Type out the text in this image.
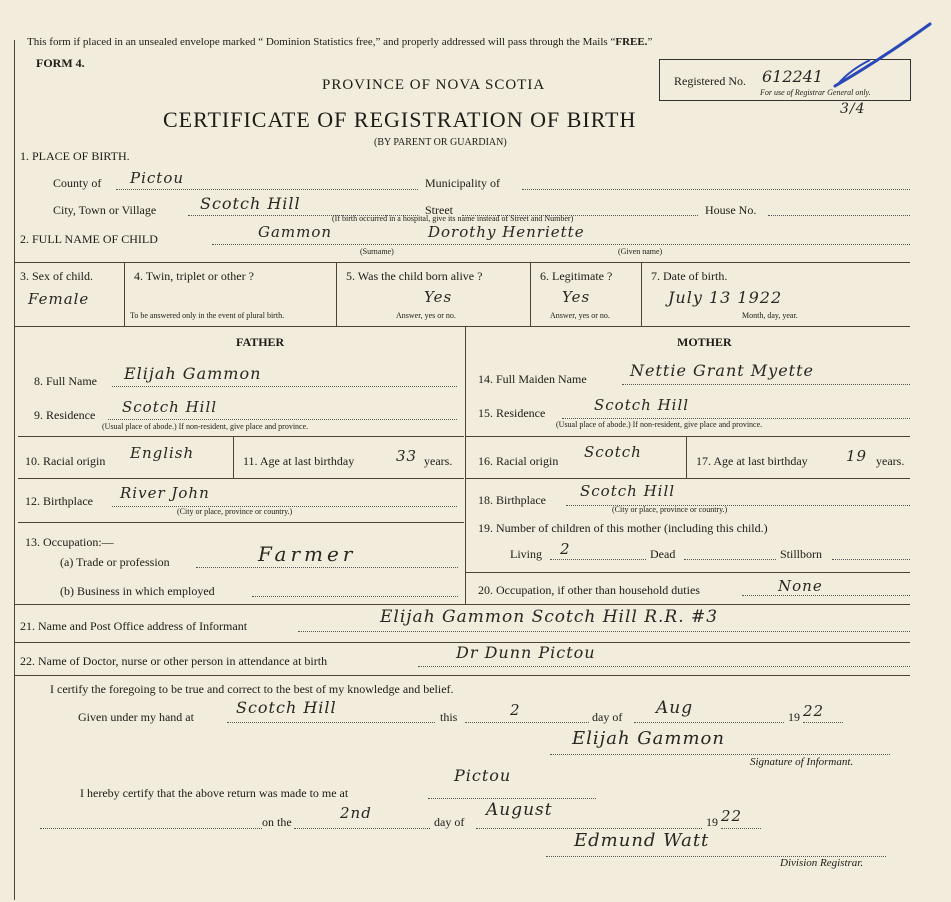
This form if placed in an unsealed envelope marked “ Dominion Statistics free,” and properly addressed will pass through the Mails “FREE.”
FORM 4.
PROVINCE OF NOVA SCOTIA
CERTIFICATE OF REGISTRATION OF BIRTH
(BY PARENT OR GUARDIAN)
Registered No. 612241
For use of Registrar General only.
3/4
1. PLACE OF BIRTH.
County of Pictou	Municipality of
City, Town or Village	Scotch Hill	Street	House No.
(If birth occurred in a hospital, give its name instead of Street and Number)
2. FULL NAME OF CHILD	Gammon	Dorothy Henriette
(Surname)	(Given name)
3. Sex of child.
Female
4. Twin, triplet or other ?
To be answered only in the event of plural birth.
5. Was the child born alive ?
Yes
Answer, yes or no.
6. Legitimate ?
Yes
Answer, yes or no.
7. Date of birth.
July 13 1922
Month, day, year.
FATHER	MOTHER
8. Full Name Elijah Gammon
9. Residence Scotch Hill
(Usual place of abode.) If non-resident, give place and province.
10. Racial origin English	11. Age at last birthday	33 years.
12. Birthplace River John
(City or place, province or country.)
13. Occupation:—
(a) Trade or profession	Farmer
(b) Business in which employed
14. Full Maiden Name	Nettie Grant Myette
15. Residence	Scotch Hill
(Usual place of abode.) If non-resident, give place and province.
16. Racial origin Scotch	17. Age at last birthday	19 years.
18. Birthplace Scotch Hill
(City or place, province or country.)
19. Number of children of this mother (including this child.)
Living 2	Dead	Stillborn
20. Occupation, if other than household duties	None
21. Name and Post Office address of Informant	Elijah Gammon Scotch Hill R.R. #3
22. Name of Doctor, nurse or other person in attendance at birth	Dr Dunn Pictou
I certify the foregoing to be true and correct to the best of my knowledge and belief.
Given under my hand at	Scotch Hill	this	2	day of Aug	19 22
Elijah Gammon
Signature of Informant.
I hereby certify that the above return was made to me at
Pictou
on the	2nd	day of
August
19 22
Edmund Watt
Division Registrar.
